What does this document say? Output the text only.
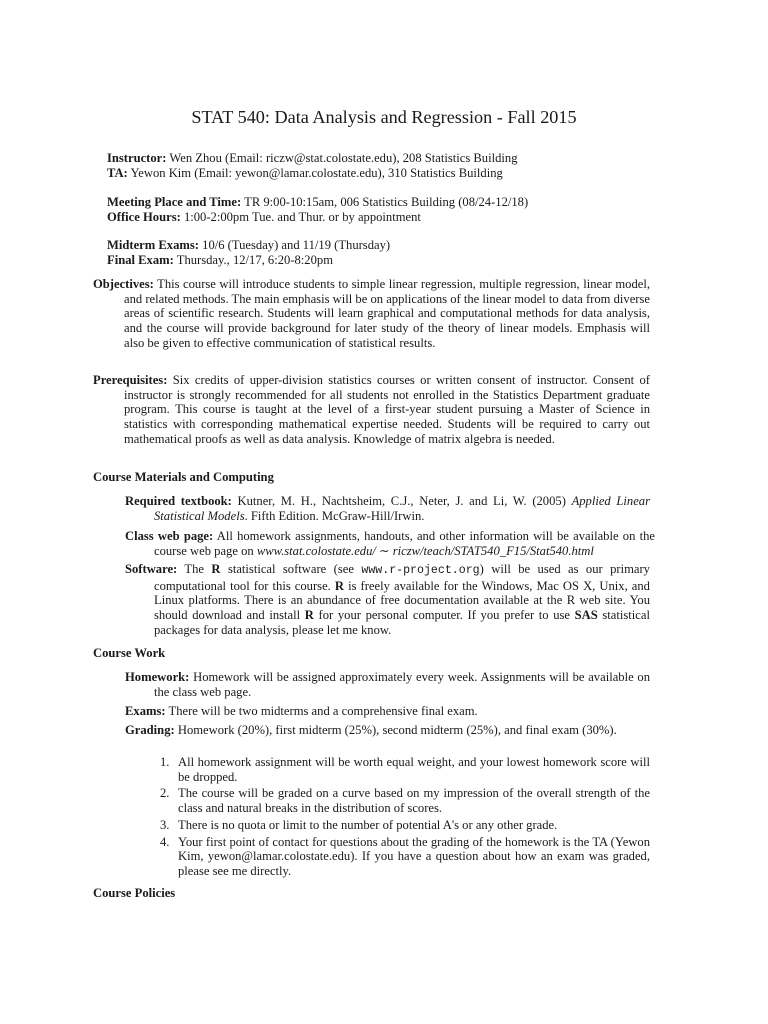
STAT 540: Data Analysis and Regression - Fall 2015
Instructor: Wen Zhou (Email: riczw@stat.colostate.edu), 208 Statistics Building
TA: Yewon Kim (Email: yewon@lamar.colostate.edu), 310 Statistics Building
Meeting Place and Time: TR 9:00-10:15am, 006 Statistics Building (08/24-12/18)
Office Hours: 1:00-2:00pm Tue. and Thur. or by appointment
Midterm Exams: 10/6 (Tuesday) and 11/19 (Thursday)
Final Exam: Thursday., 12/17, 6:20-8:20pm
Objectives: This course will introduce students to simple linear regression, multiple regression, linear model, and related methods. The main emphasis will be on applications of the linear model to data from diverse areas of scientific research. Students will learn graphical and computational methods for data analysis, and the course will provide background for later study of the theory of linear models. Emphasis will also be given to effective communication of statistical results.
Prerequisites: Six credits of upper-division statistics courses or written consent of instructor. Consent of instructor is strongly recommended for all students not enrolled in the Statistics Department graduate program. This course is taught at the level of a first-year student pursuing a Master of Science in statistics with corresponding mathematical expertise needed. Students will be required to carry out mathematical proofs as well as data analysis. Knowledge of matrix algebra is needed.
Course Materials and Computing
Required textbook: Kutner, M. H., Nachtsheim, C.J., Neter, J. and Li, W. (2005) Applied Linear Statistical Models. Fifth Edition. McGraw-Hill/Irwin.
Class web page: All homework assignments, handouts, and other information will be available on the course web page on www.stat.colostate.edu/ ∼ riczw/teach/STAT540_F15/Stat540.html
Software: The R statistical software (see www.r-project.org) will be used as our primary computational tool for this course. R is freely available for the Windows, Mac OS X, Unix, and Linux platforms. There is an abundance of free documentation available at the R web site. You should download and install R for your personal computer. If you prefer to use SAS statistical packages for data analysis, please let me know.
Course Work
Homework: Homework will be assigned approximately every week. Assignments will be available on the class web page.
Exams: There will be two midterms and a comprehensive final exam.
Grading: Homework (20%), first midterm (25%), second midterm (25%), and final exam (30%).
1. All homework assignment will be worth equal weight, and your lowest homework score will be dropped.
2. The course will be graded on a curve based on my impression of the overall strength of the class and natural breaks in the distribution of scores.
3. There is no quota or limit to the number of potential A's or any other grade.
4. Your first point of contact for questions about the grading of the homework is the TA (Yewon Kim, yewon@lamar.colostate.edu). If you have a question about how an exam was graded, please see me directly.
Course Policies
